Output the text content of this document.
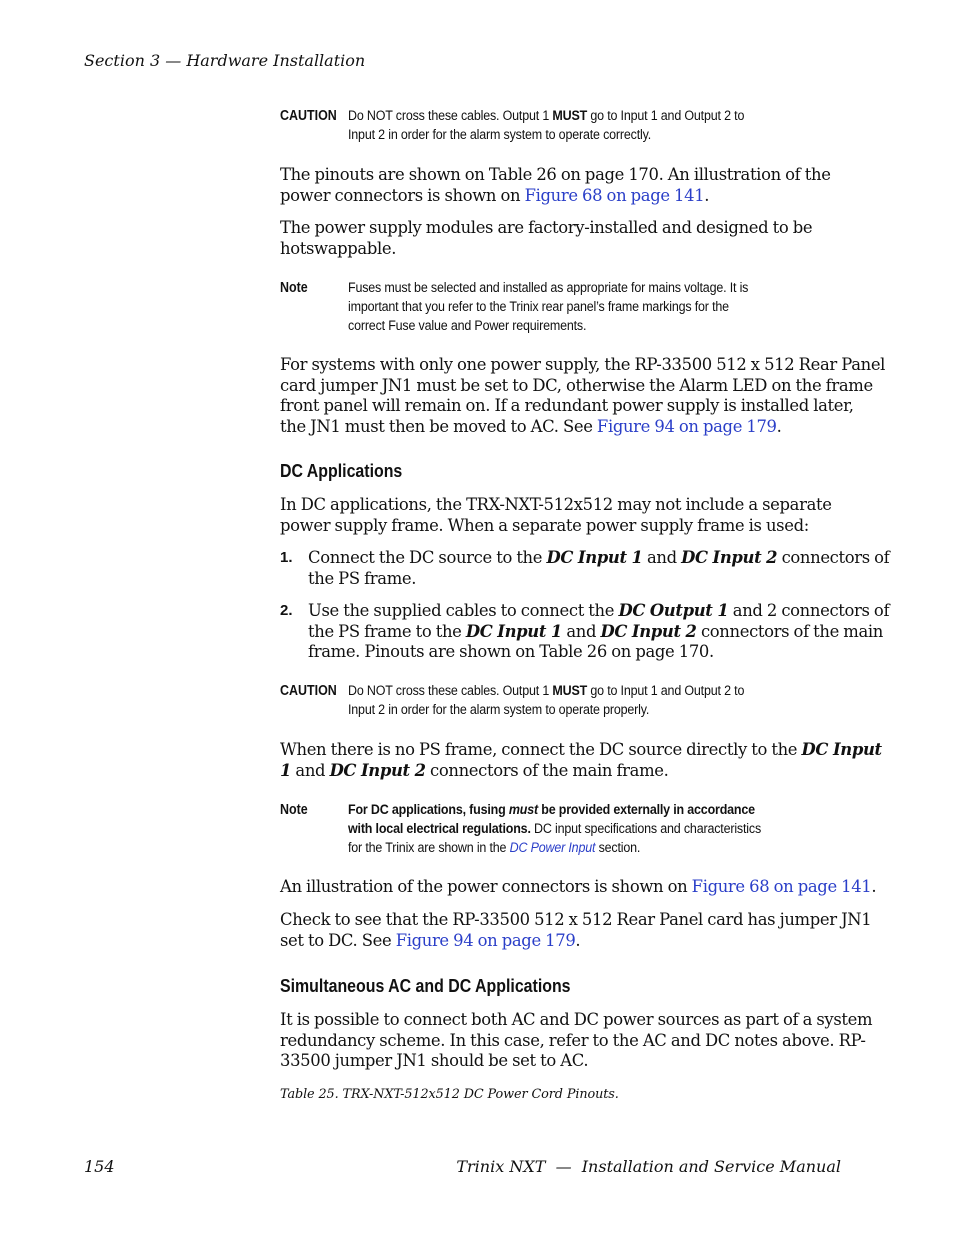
Section 3 — Hardware Installation
CAUTION Do NOT cross these cables. Output 1 MUST go to Input 1 and Output 2 to
Input 2 in order for the alarm system to operate correctly.
The pinouts are shown on Table 26 on page 170. An illustration of the
power connectors is shown on Figure 68 on page 141.
The power supply modules are factory-installed and designed to be
hotswappable.
Note	Fuses must be selected and installed as appropriate for mains voltage. It is
important that you refer to the Trinix rear panel’s frame markings for the
correct Fuse value and Power requirements.
For systems with only one power supply, the RP-33500 512 x 512 Rear Panel
card jumper JN1 must be set to DC, otherwise the Alarm LED on the frame
front panel will remain on. If a redundant power supply is installed later,
the JN1 must then be moved to AC. See Figure 94 on page 179.
DC Applications
In DC applications, the TRX-NXT-512x512 may not include a separate
power supply frame. When a separate power supply frame is used:
1. Connect the DC source to the DC Input 1 and DC Input 2 connectors of
the PS frame.
2. Use the supplied cables to connect the DC Output 1 and 2 connectors of
the PS frame to the DC Input 1 and DC Input 2 connectors of the main
frame. Pinouts are shown on Table 26 on page 170.
CAUTION Do NOT cross these cables. Output 1 MUST go to Input 1 and Output 2 to
Input 2 in order for the alarm system to operate properly.
When there is no PS frame, connect the DC source directly to the DC Input
1 and DC Input 2 connectors of the main frame.
Note	For DC applications, fusing must be provided externally in accordance
with local electrical regulations. DC input specifications and characteristics
for the Trinix are shown in the DC Power Input section.
An illustration of the power connectors is shown on Figure 68 on page 141.
Check to see that the RP-33500 512 x 512 Rear Panel card has jumper JN1
set to DC. See Figure 94 on page 179.
Simultaneous AC and DC Applications
It is possible to connect both AC and DC power sources as part of a system
redundancy scheme. In this case, refer to the AC and DC notes above. RP-
33500 jumper JN1 should be set to AC.
Table 25. TRX-NXT-512x512 DC Power Cord Pinouts.
154	Trinix NXT  —  Installation and Service Manual
